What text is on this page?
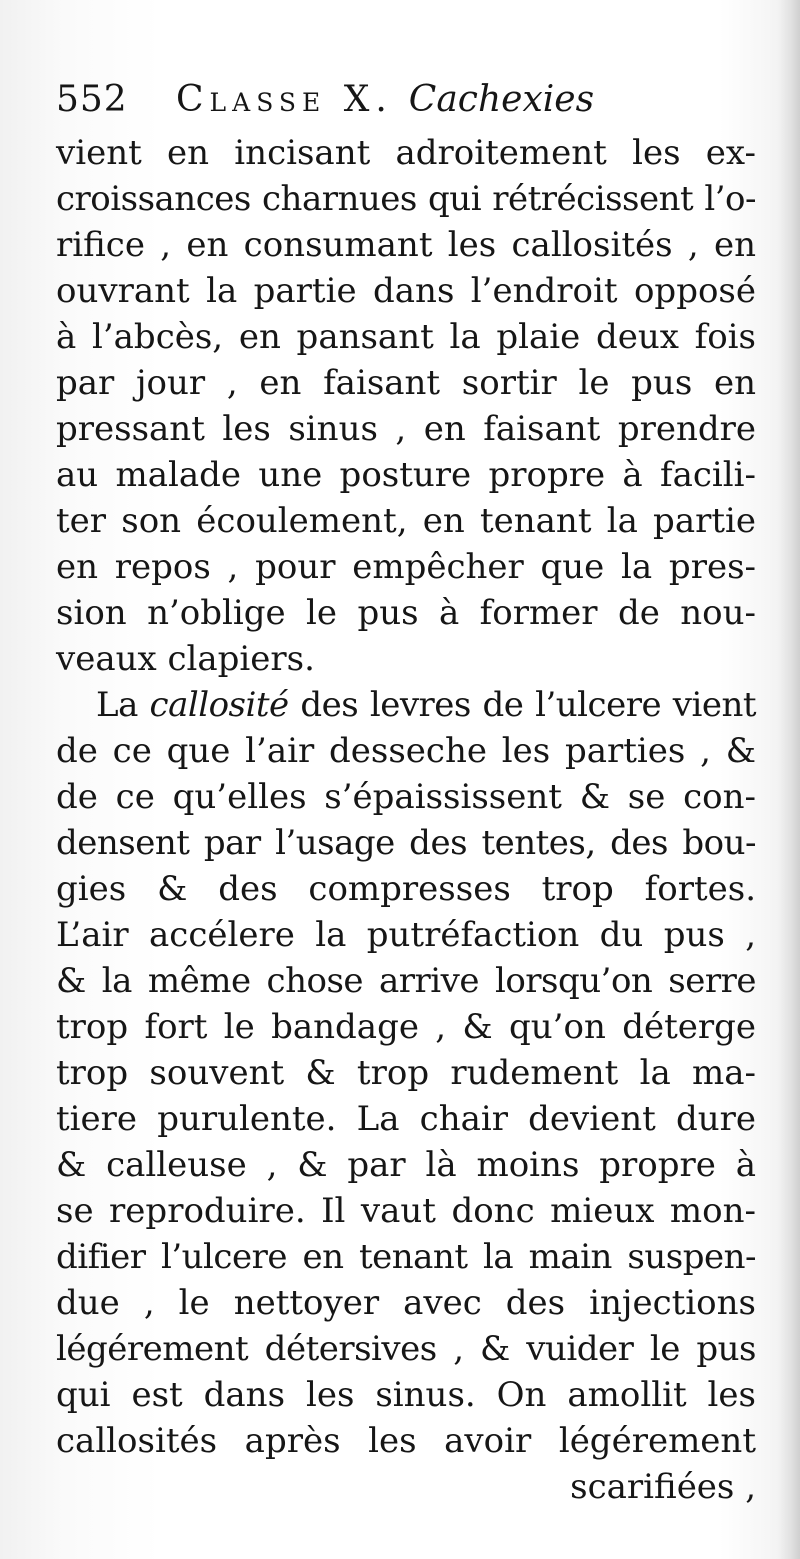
552 Classe X. Cachexies
vient en incisant adroitement les ex-
croissances charnues qui rétrécissent l’o-
rifice , en consumant les callosités , en
ouvrant la partie dans l’endroit opposé
à l’abcès, en pansant la plaie deux fois
par jour , en faisant sortir le pus en
pressant les sinus , en faisant prendre
au malade une posture propre à facili-
ter son écoulement, en tenant la partie
en repos , pour empêcher que la pres-
sion n’oblige le pus à former de nou-
veaux clapiers.
La callosité des levres de l’ulcere vient
de ce que l’air desseche les parties , &
de ce qu’elles s’épaississent & se con-
densent par l’usage des tentes, des bou-
gies & des compresses trop fortes.
L’air accélere la putréfaction du pus ,
& la même chose arrive lorsqu’on serre
trop fort le bandage , & qu’on déterge
trop souvent & trop rudement la ma-
tiere purulente. La chair devient dure
& calleuse , & par là moins propre à
se reproduire. Il vaut donc mieux mon-
difier l’ulcere en tenant la main suspen-
due , le nettoyer avec des injections
légérement détersives , & vuider le pus
qui est dans les sinus. On amollit les
callosités après les avoir légérement
scarifiées ,
